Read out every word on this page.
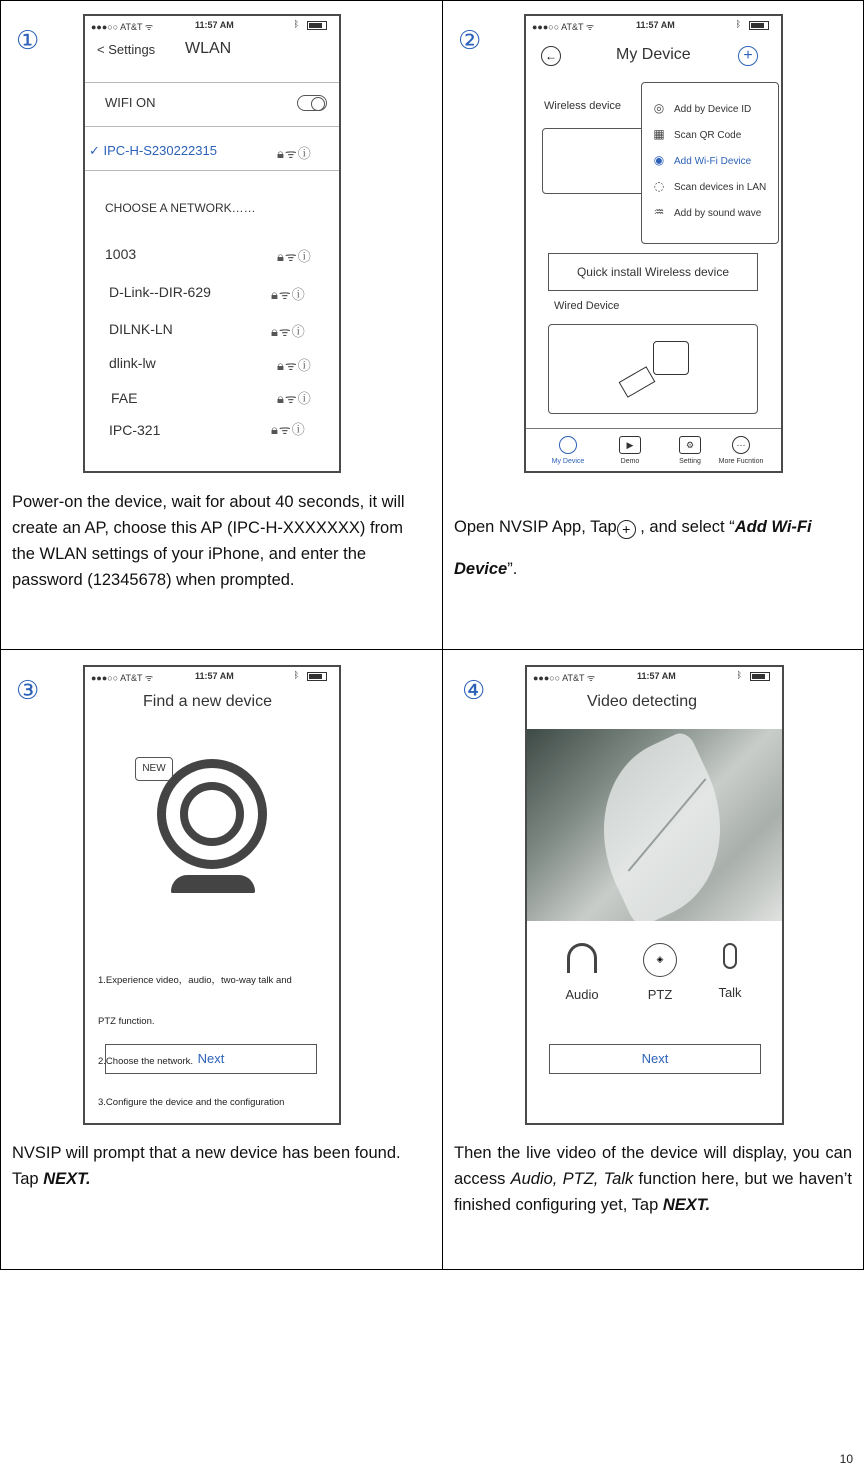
①	●●●○○ AT&T ᯤ	11:57 AM	ᛒ
< Settings WLAN
WIFI ON
✓ IPC-H-S230222315	🔒︎ᯤⓘ
CHOOSE A NETWORK……
1003	🔒︎ᯤⓘ
D-Link--DIR-629	🔒︎ᯤⓘ
DILNK-LN	🔒︎ᯤⓘ
dlink-lw	🔒︎ᯤⓘ
FAE	🔒︎ᯤⓘ
IPC-321	🔒︎ᯤⓘ
Power-on the device, wait for about 40 seconds, it will create an AP, choose this AP (IPC-H-XXXXXXX) from the WLAN settings of your iPhone, and enter the password (12345678) when prompted.
②	●●●○○ AT&T ᯤ	11:57 AM	ᛒ
←	My Device	+
Wireless device	◎ Add by Device ID
▦ Scan QR Code
◉ Add Wi-Fi Device
◌ Scan devices in LAN
♒ Add by sound wave
Quick install Wireless device
Wired Device
My Device
▶
Demo
⚙
Setting
⋯
More Fucntion
Open NVSIP App, Tap + , and select “Add Wi-Fi Device”.
③	●●●○○ AT&T ᯤ	11:57 AM	ᛒ
Find a new device
NEW

1.Experience video，audio，two-way talk and

PTZ function.

2.Choose the network.

3.Configure the device and the configuration

Next
NVSIP will prompt that a new device has been found. Tap NEXT.
④	●●●○○ AT&T ᯤ	11:57 AM	ᛒ
Video detecting
Audio
◈
PTZ	Talk
Next
Then the live video of the device will display, you can access Audio, PTZ, Talk function here, but we haven’t finished configuring yet, Tap NEXT.
10
